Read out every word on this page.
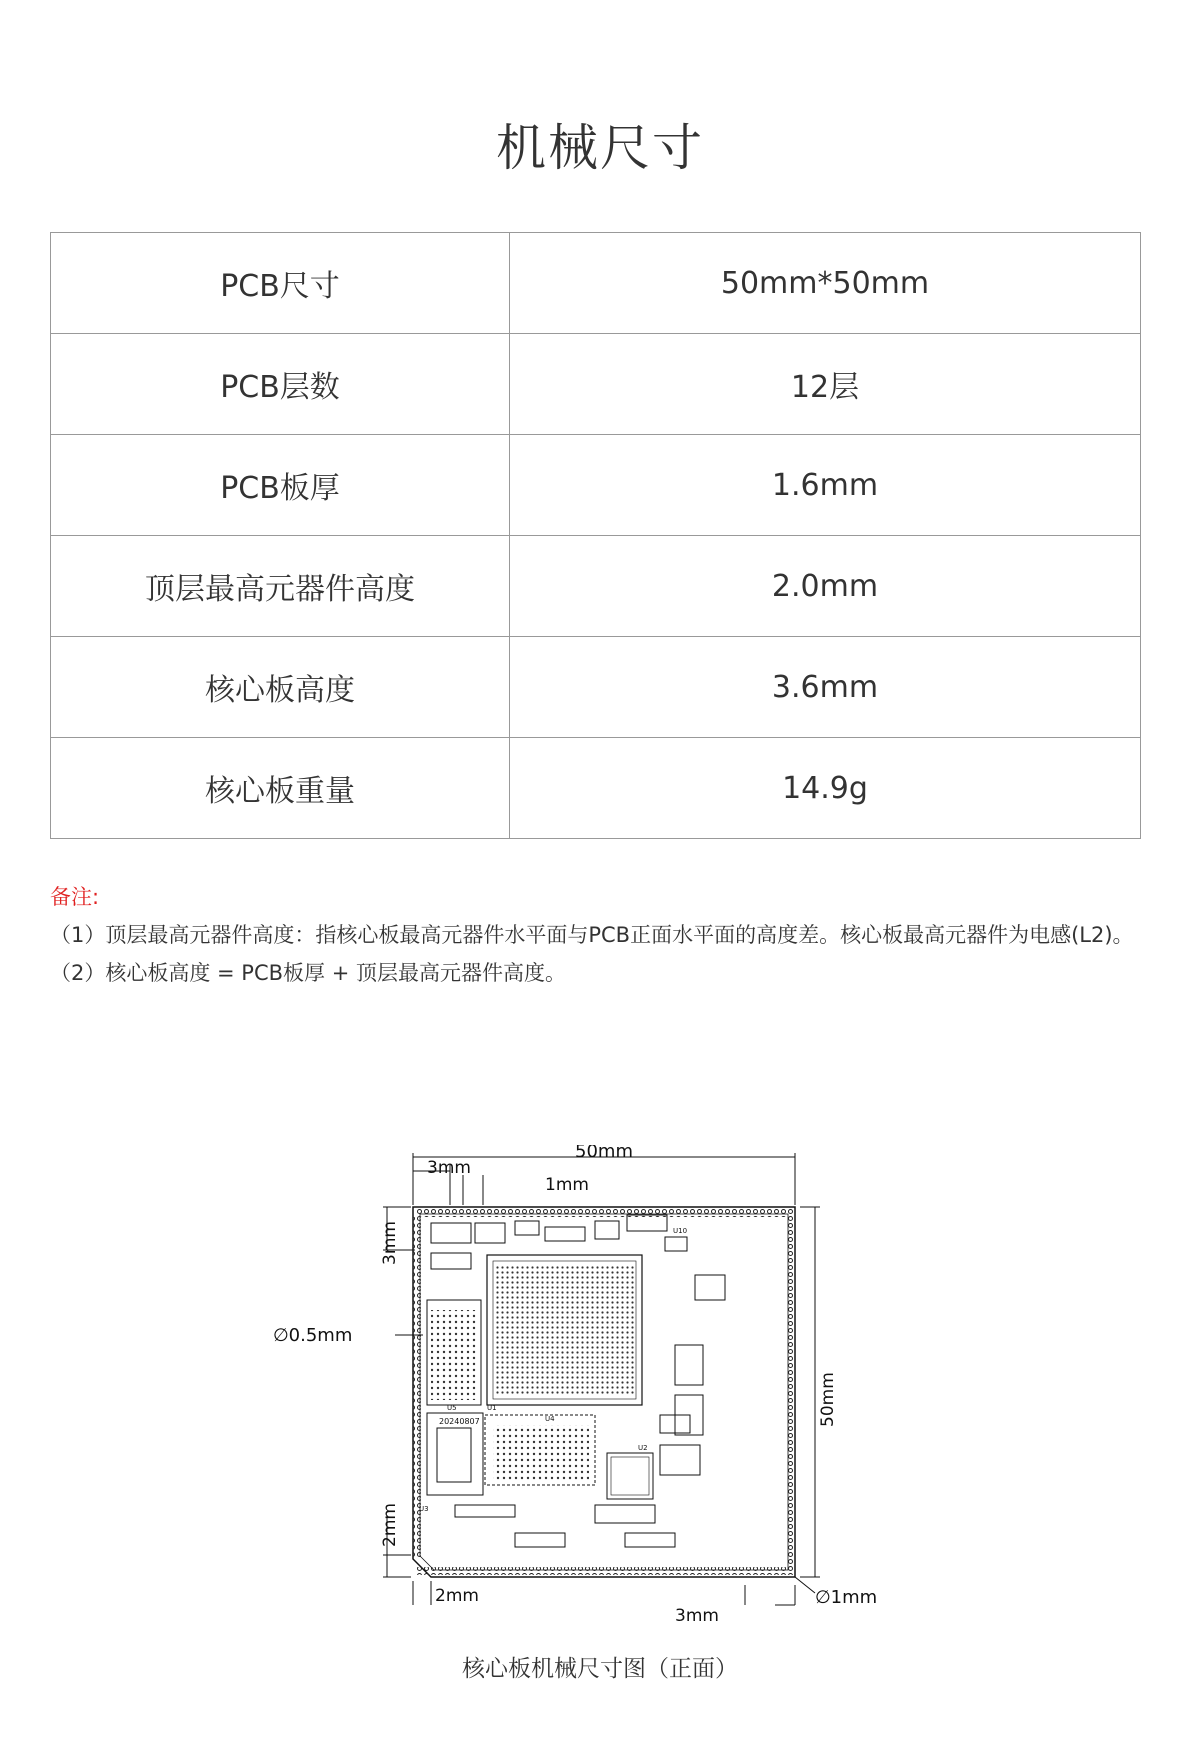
机械尺寸
PCB尺寸	50mm*50mm
PCB层数	12层
PCB板厚	1.6mm
顶层最高元器件高度	2.0mm
核心板高度	3.6mm
核心板重量	14.9g
备注:
（1）顶层最高元器件高度：指核心板最高元器件水平面与PCB正面水平面的高度差。核心板最高元器件为电感(L2)。
（2）核心板高度 = PCB板厚 + 顶层最高元器件高度。
50mm
3mm
1mm
50mm
3mm
∅0.5mm
2mm
2mm
3mm
∅1mm
U5	U1
U4
U2
U3
U10
20240807
核心板机械尺寸图（正面）
